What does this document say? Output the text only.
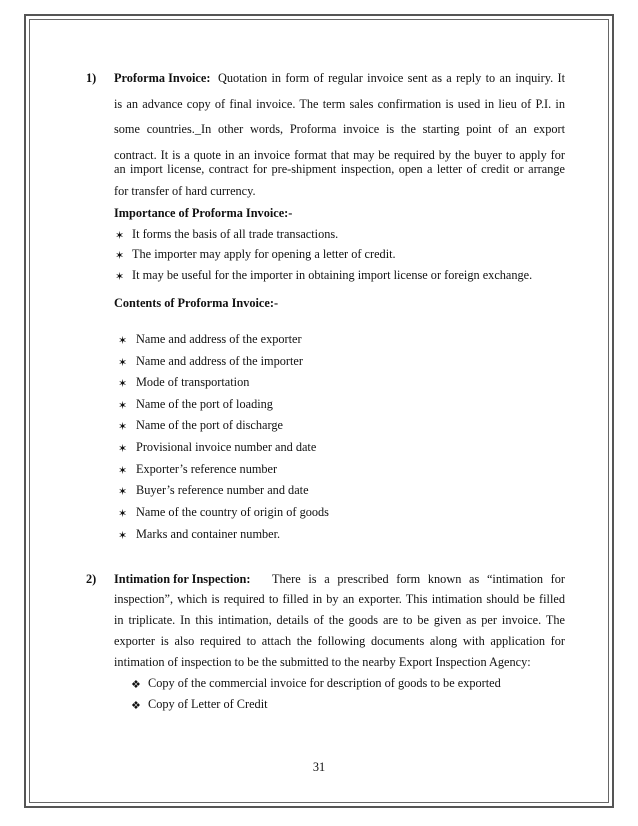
1) Proforma Invoice: Quotation in form of regular invoice sent as a reply to an inquiry. It
is an advance copy of final invoice. The term sales confirmation is used in lieu of P.I. in
some countries._In other words, Proforma invoice is the starting point of an export
contract. It is a quote in an invoice format that may be required by the buyer to apply for
an import license, contract for pre-shipment inspection, open a letter of credit or arrange
for transfer of hard currency.
Importance of Proforma Invoice:-
✶ It forms the basis of all trade transactions.
✶ The importer may apply for opening a letter of credit.
✶ It may be useful for the importer in obtaining import license or foreign exchange.
Contents of Proforma Invoice:-
✶ Name and address of the exporter
✶ Name and address of the importer
✶ Mode of transportation
✶ Name of the port of loading
✶ Name of the port of discharge
✶ Provisional invoice number and date
✶ Exporter’s reference number
✶ Buyer’s reference number and date
✶ Name of the country of origin of goods
✶ Marks and container number.
2) Intimation for Inspection: There is a prescribed form known as “intimation for
inspection”, which is required to filled in by an exporter. This intimation should be filled
in triplicate. In this intimation, details of the goods are to be given as per invoice. The
exporter is also required to attach the following documents along with application for
intimation of inspection to be the submitted to the nearby Export Inspection Agency:
❖ Copy of the commercial invoice for description of goods to be exported
❖ Copy of Letter of Credit
31
